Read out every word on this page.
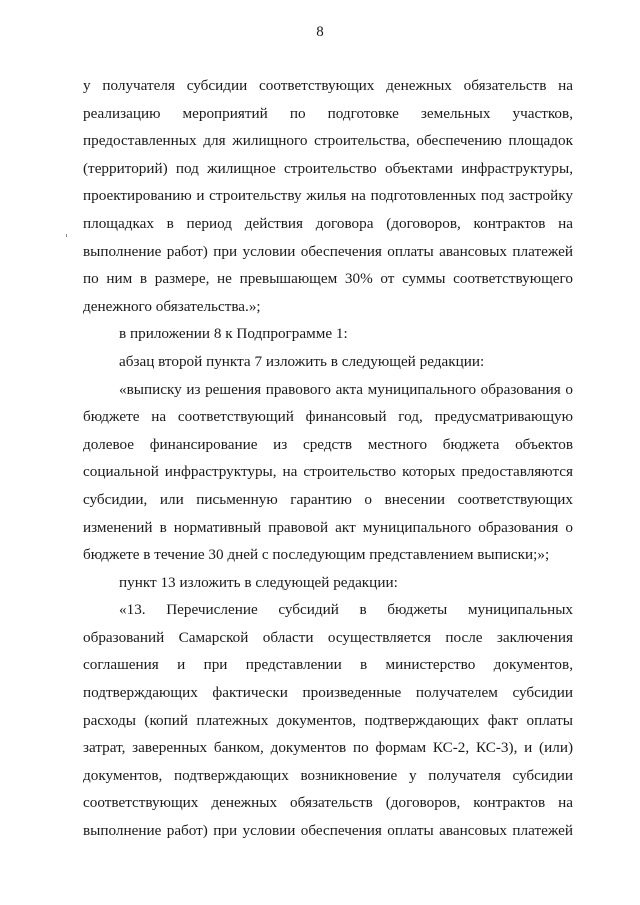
8
у получателя субсидии соответствующих денежных обязательств на
реализацию мероприятий по подготовке земельных участков,
предоставленных для жилищного строительства, обеспечению площадок
(территорий) под жилищное строительство объектами инфраструктуры,
проектированию и строительству жилья на подготовленных под застройку
площадках в период действия договора (договоров, контрактов на
выполнение работ) при условии обеспечения оплаты авансовых платежей
по ним в размере, не превышающем 30% от суммы соответствующего
денежного обязательства.»;
в приложении 8 к Подпрограмме 1:
абзац второй пункта 7 изложить в следующей редакции:
«выписку из решения правового акта муниципального образования о
бюджете на соответствующий финансовый год, предусматривающую
долевое финансирование из средств местного бюджета объектов
социальной инфраструктуры, на строительство которых предоставляются
субсидии, или письменную гарантию о внесении соответствующих
изменений в нормативный правовой акт муниципального образования о
бюджете в течение 30 дней с последующим представлением выписки;»;
пункт 13 изложить в следующей редакции:
«13. Перечисление субсидий в бюджеты муниципальных
образований Самарской области осуществляется после заключения
соглашения и при представлении в министерство документов,
подтверждающих фактически произведенные получателем субсидии
расходы (копий платежных документов, подтверждающих факт оплаты
затрат, заверенных банком, документов по формам КС-2, КС-3), и (или)
документов, подтверждающих возникновение у получателя субсидии
соответствующих денежных обязательств (договоров, контрактов на
выполнение работ) при условии обеспечения оплаты авансовых платежей
